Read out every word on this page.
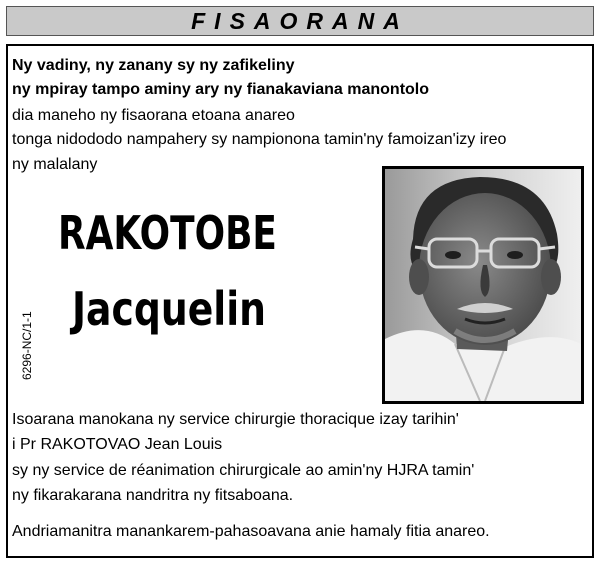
FISAORANA
Ny vadiny, ny zanany sy ny zafikeliny
ny mpiray tampo aminy ary ny fianakaviana manontolo
dia maneho ny fisaorana etoana anareo
tonga nidododo nampahery sy nampionona tamin'ny famoizan'izy ireo
ny malalany
RAKOTOBE
Jacquelin
6296-NC/1-1
Isoarana manokana ny service chirurgie thoracique izay tarihin'
i Pr RAKOTOVAO Jean Louis
sy ny service de réanimation chirurgicale ao amin'ny HJRA tamin'
ny fikarakarana nandritra ny fitsaboana.
Andriamanitra manankarem-pahasoavana anie hamaly fitia anareo.
